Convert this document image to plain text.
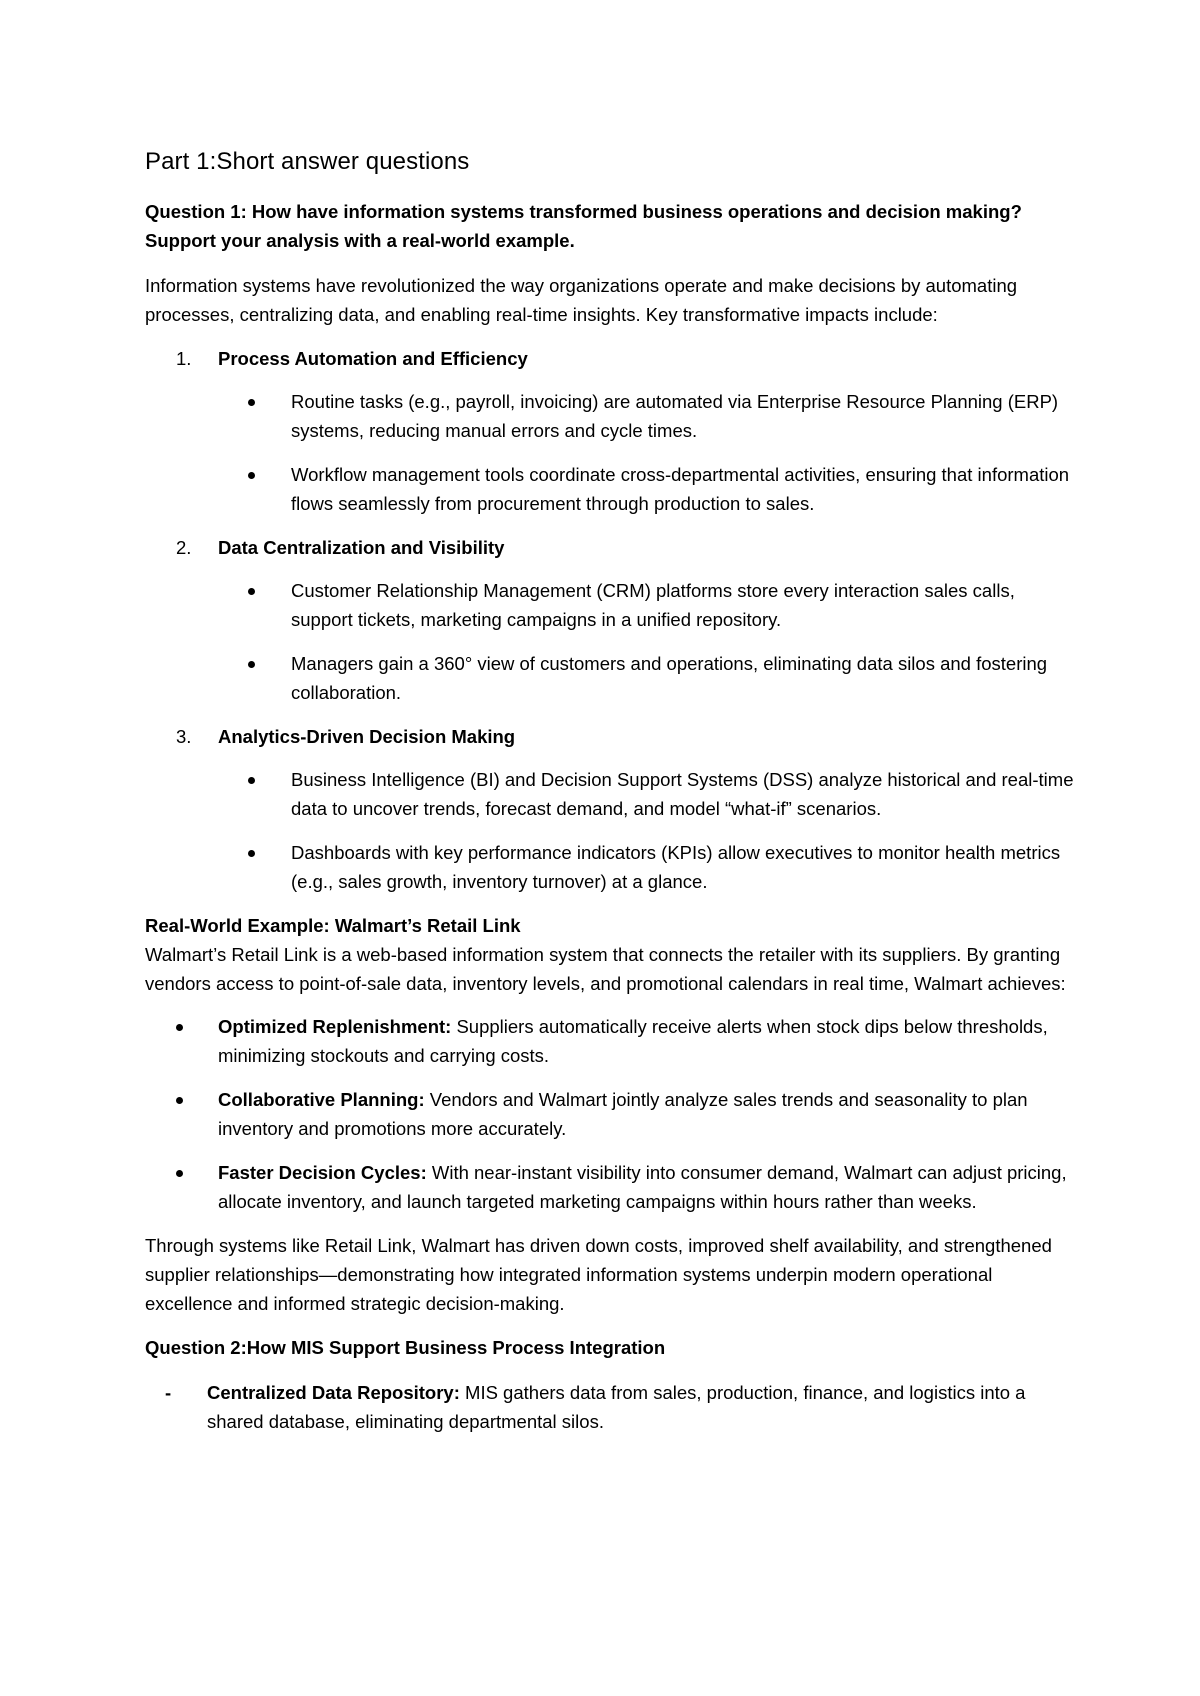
Part 1:Short answer questions
Question 1: How have information systems transformed business operations and decision making? Support your analysis with a real-world example.

Information systems have revolutionized the way organizations operate and make decisions by automating processes, centralizing data, and enabling real-time insights. Key transformative impacts include:

1. Process Automation and Efficiency
Routine tasks (e.g., payroll, invoicing) are automated via Enterprise Resource Planning (ERP) systems, reducing manual errors and cycle times.
Workflow management tools coordinate cross-departmental activities, ensuring that information flows seamlessly from procurement through production to sales.
2. Data Centralization and Visibility
Customer Relationship Management (CRM) platforms store every interaction sales calls, support tickets, marketing campaigns in a unified repository.
Managers gain a 360° view of customers and operations, eliminating data silos and fostering collaboration.
3. Analytics-Driven Decision Making
Business Intelligence (BI) and Decision Support Systems (DSS) analyze historical and real-time data to uncover trends, forecast demand, and model “what-if” scenarios.
Dashboards with key performance indicators (KPIs) allow executives to monitor health metrics (e.g., sales growth, inventory turnover) at a glance.
Real-World Example: Walmart’s Retail Link

Walmart’s Retail Link is a web-based information system that connects the retailer with its suppliers. By granting vendors access to point-of-sale data, inventory levels, and promotional calendars in real time, Walmart achieves:

Optimized Replenishment: Suppliers automatically receive alerts when stock dips below thresholds, minimizing stockouts and carrying costs.
Collaborative Planning: Vendors and Walmart jointly analyze sales trends and seasonality to plan inventory and promotions more accurately.
Faster Decision Cycles: With near-instant visibility into consumer demand, Walmart can adjust pricing, allocate inventory, and launch targeted marketing campaigns within hours rather than weeks.

Through systems like Retail Link, Walmart has driven down costs, improved shelf availability, and strengthened supplier relationships—demonstrating how integrated information systems underpin modern operational excellence and informed strategic decision-making.

Question 2:How MIS Support Business Process Integration
- Centralized Data Repository: MIS gathers data from sales, production, finance, and logistics into a shared database, eliminating departmental silos.
